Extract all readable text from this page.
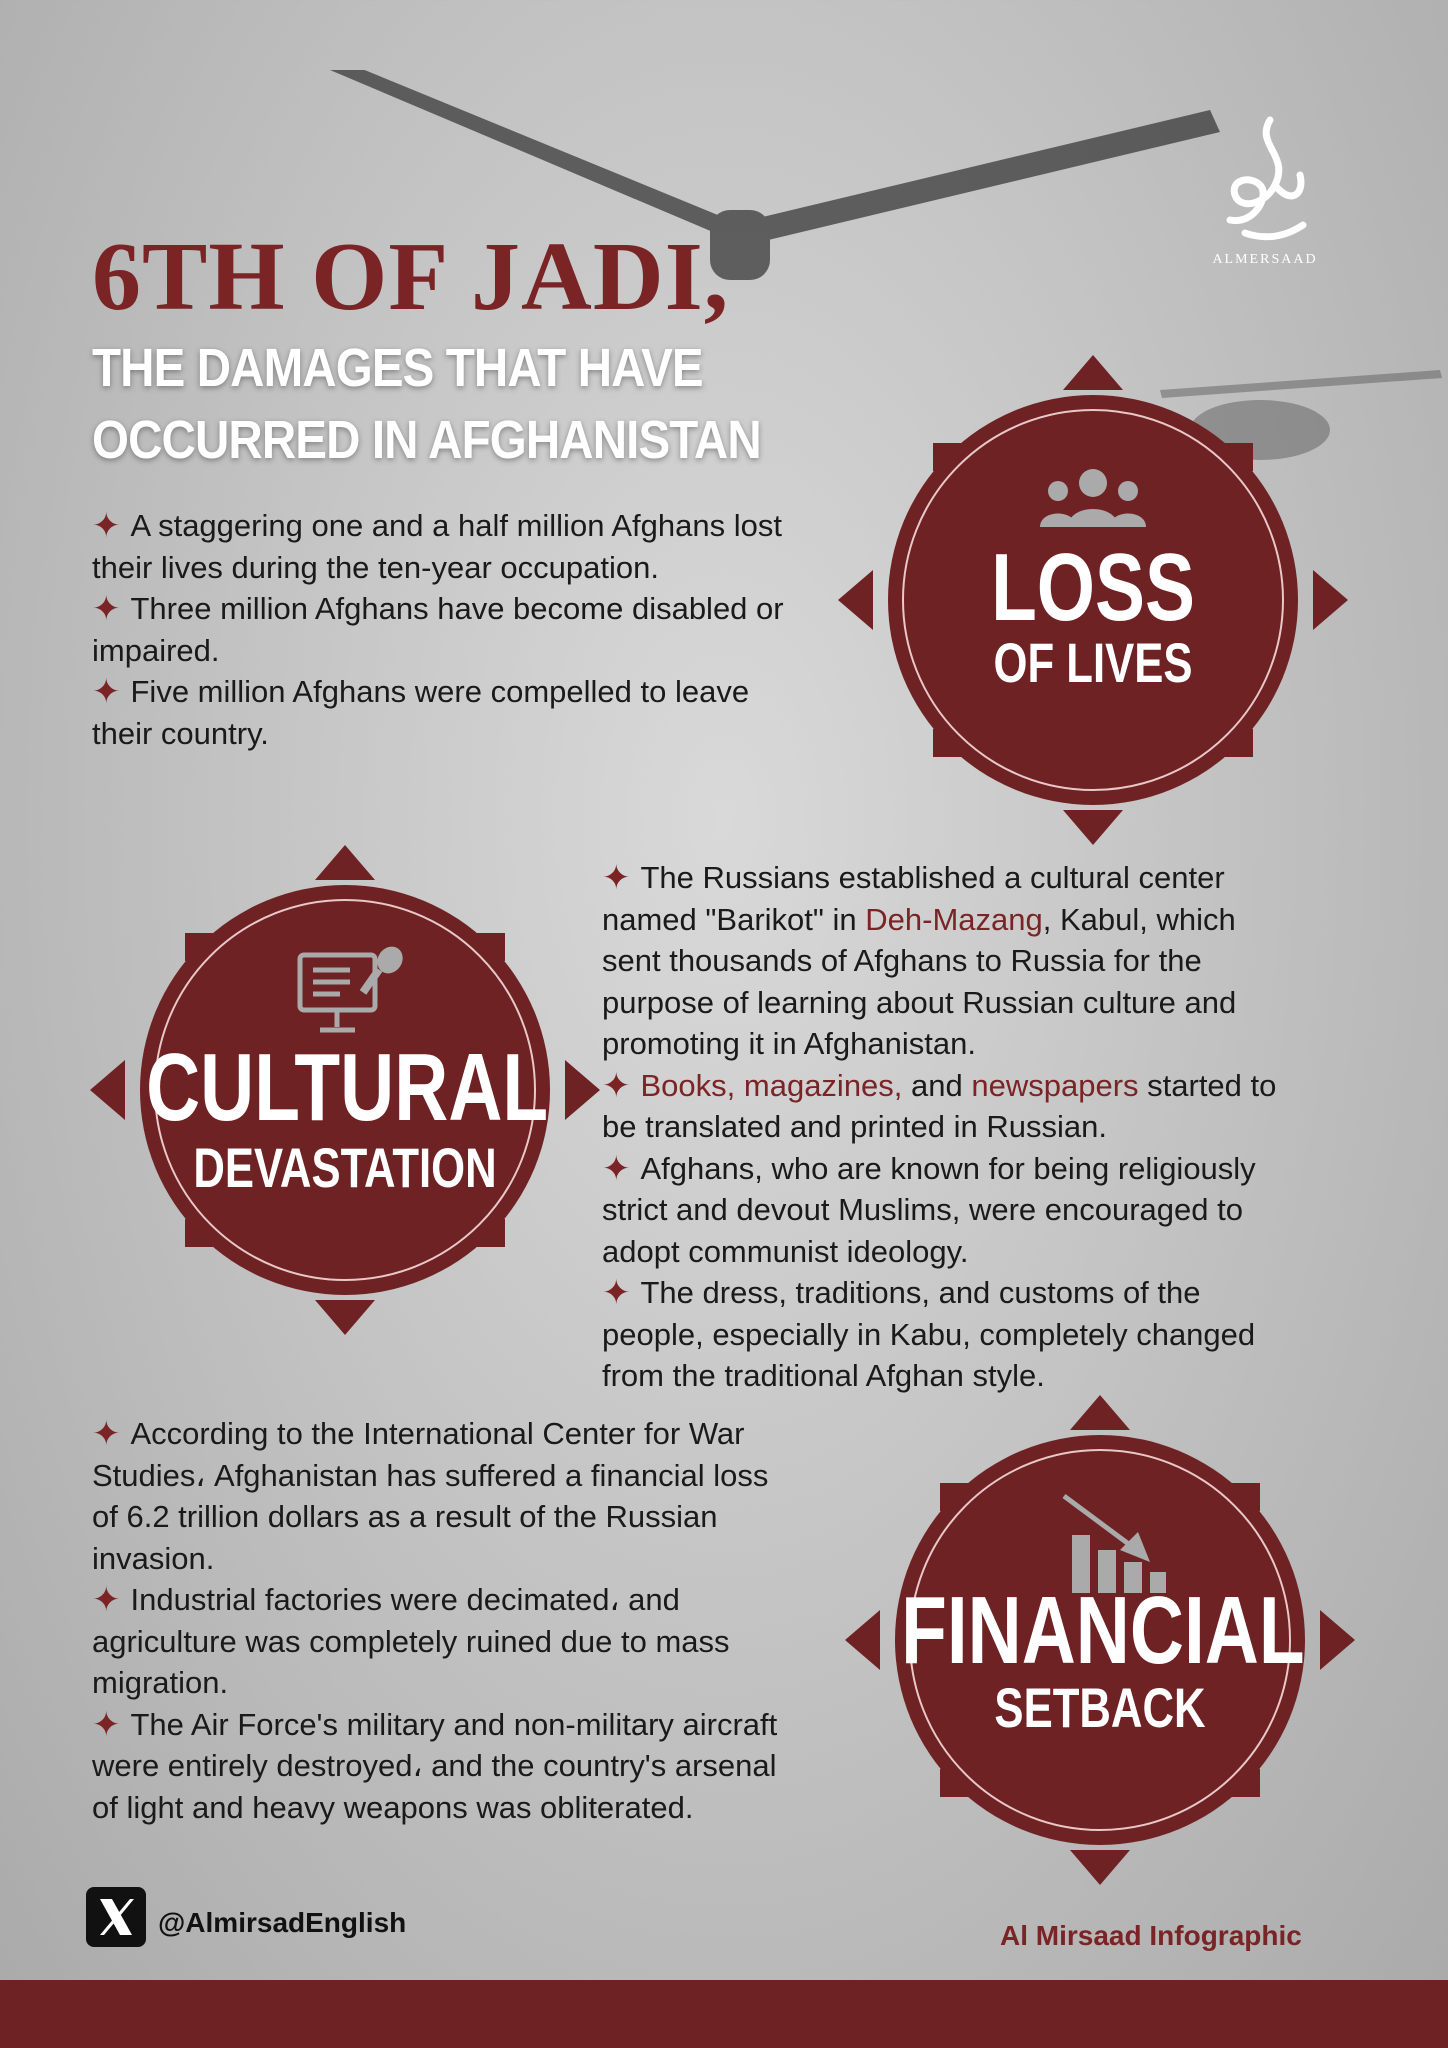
ALMERSAAD
6TH OF JADI,
THE DAMAGES THAT HAVE OCCURRED IN AFGHANISTAN
✦ A staggering one and a half million Afghans lost their lives during the ten-year occupation.
✦ Three million Afghans have become disabled or impaired.
✦ Five million Afghans were compelled to leave their country.
LOSS
OF LIVES
CULTURAL
DEVASTATION
✦ The Russians established a cultural center named "Barikot" in Deh-Mazang, Kabul, which sent thousands of Afghans to Russia for the purpose of learning about Russian culture and promoting it in Afghanistan.
✦ Books, magazines, and newspapers started to be translated and printed in Russian.
✦ Afghans, who are known for being religiously strict and devout Muslims, were encouraged to adopt communist ideology.
✦ The dress, traditions, and customs of the people, especially in Kabu, completely changed from the traditional Afghan style.
✦ According to the International Center for War Studies، Afghanistan has suffered a financial loss of 6.2 trillion dollars as a result of the Russian invasion.
✦ Industrial factories were decimated، and agriculture was completely ruined due to mass migration.
✦ The Air Force's military and non-military aircraft were entirely destroyed، and the country's arsenal of light and heavy weapons was obliterated.
FINANCIAL
SETBACK
@AlmirsadEnglish	Al Mirsaad Infographic
